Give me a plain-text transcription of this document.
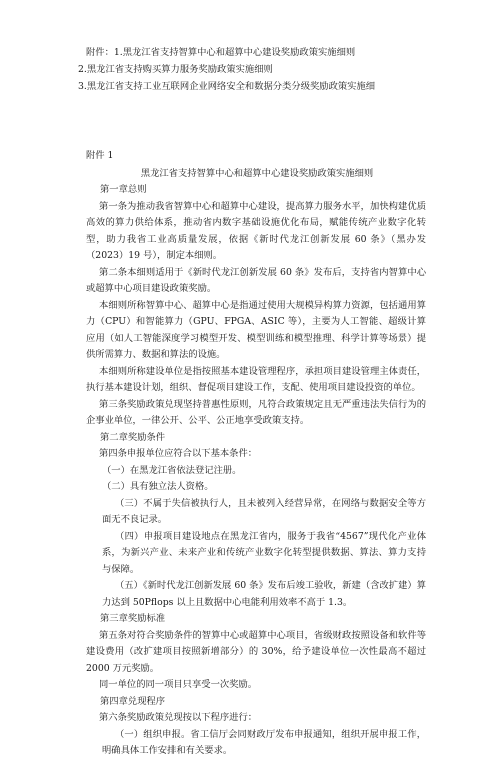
附件：1.黑龙江省支持智算中心和超算中心建设奖励政策实施细则
2.黑龙江省支持购买算力服务奖励政策实施细则
3.黑龙江省支持工业互联网企业网络安全和数据分类分级奖励政策实施细
附件 1
黑龙江省支持智算中心和超算中心建设奖励政策实施细则
第一章总则
第一条为推动我省智算中心和超算中心建设，提高算力服务水平，加快构建优质高效的算力供给体系，推动省内数字基础设施优化布局，赋能传统产业数字化转型，助力我省工业高质量发展，依据《新时代龙江创新发展 60 条》（黑办发（2023）19 号），制定本细则。
第二条本细则适用于《新时代龙江创新发展 60 条》发布后，支持省内智算中心或超算中心项目建设政策奖励。
本细则所称智算中心、超算中心是指通过使用大规模异构算力资源，包括通用算力（CPU）和智能算力（GPU、FPGA、ASIC 等），主要为人工智能、超级计算应用（如人工智能深度学习模型开发、模型训练和模型推理、科学计算等场景）提供所需算力、数据和算法的设施。
本细则所称建设单位是指按照基本建设管理程序，承担项目建设管理主体责任，执行基本建设计划，组织、督促项目建设工作，支配、使用项目建设投资的单位。
第三条奖励政策兑现坚持普惠性原则，凡符合政策规定且无严重违法失信行为的企事业单位，一律公开、公平、公正地享受政策支持。
第二章奖励条件
第四条申报单位应符合以下基本条件：
（一）在黑龙江省依法登记注册。
（二）具有独立法人资格。
（三）不属于失信被执行人，且未被列入经营异常，在网络与数据安全等方面无不良记录。
（四）申报项目建设地点在黑龙江省内，服务于我省“4567”现代化产业体系，为新兴产业、未来产业和传统产业数字化转型提供数据、算法、算力支持与保障。
（五）《新时代龙江创新发展 60 条》发布后竣工验收，新建（含改扩建）算力达到 50Pflops 以上且数据中心电能利用效率不高于 1.3。
第三章奖励标准
第五条对符合奖励条件的智算中心或超算中心项目，省级财政按照设备和软件等建设费用（改扩建项目按照新增部分）的 30%，给予建设单位一次性最高不超过 2000 万元奖励。
同一单位的同一项目只享受一次奖励。
第四章兑现程序
第六条奖励政策兑现按以下程序进行：
（一）组织申报。省工信厅会同财政厅发布申报通知，组织开展申报工作，明确具体工作安排和有关要求。
